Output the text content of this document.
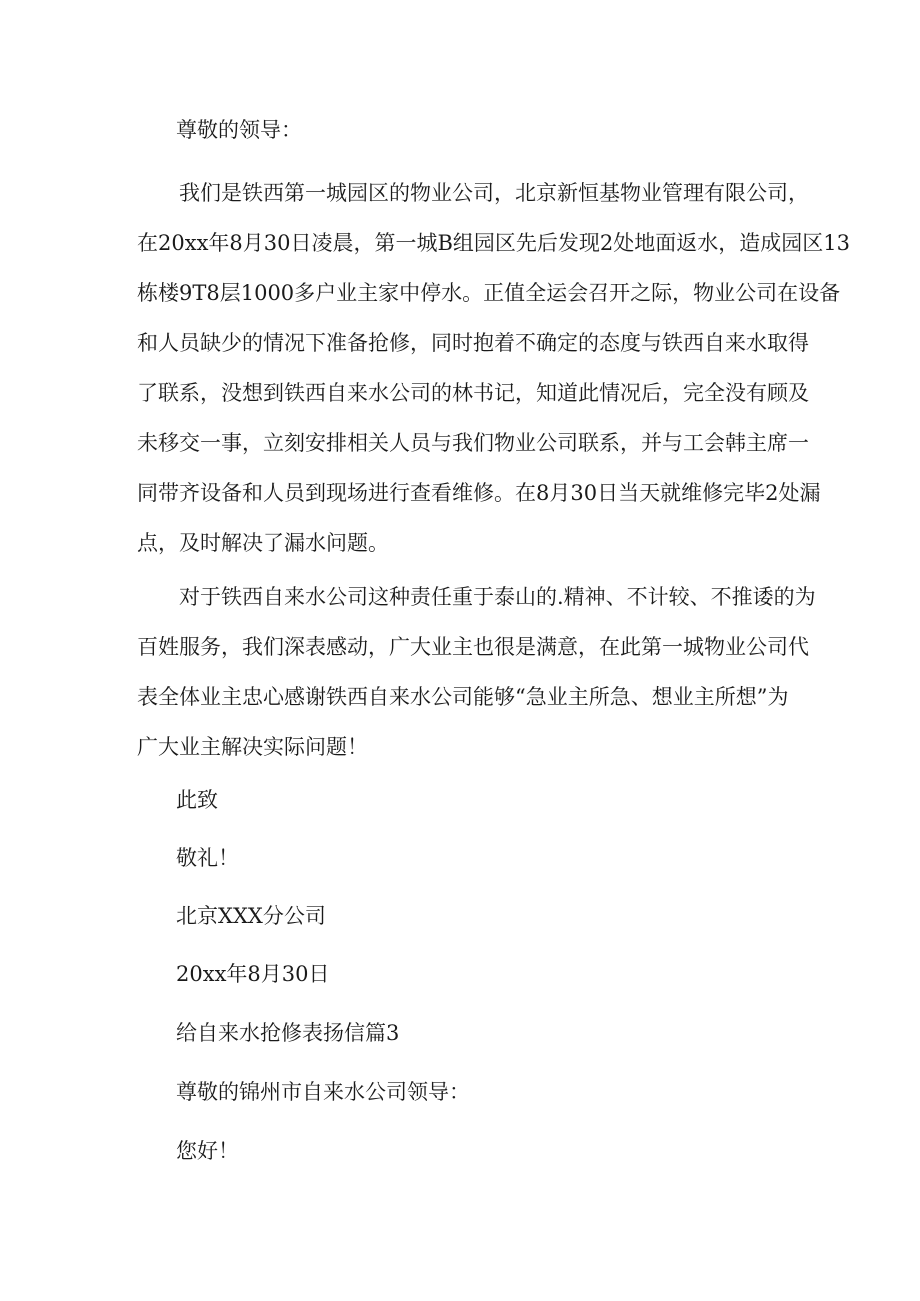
尊敬的领导：

我们是铁西第一城园区的物业公司，北京新恒基物业管理有限公司，

在20xx年8月30日凌晨，第一城B组园区先后发现2处地面返水，造成园区13

栋楼9T8层1000多户业主家中停水。正值全运会召开之际，物业公司在设备

和人员缺少的情况下准备抢修，同时抱着不确定的态度与铁西自来水取得

了联系，没想到铁西自来水公司的林书记，知道此情况后，完全没有顾及

未移交一事，立刻安排相关人员与我们物业公司联系，并与工会韩主席一

同带齐设备和人员到现场进行查看维修。在8月30日当天就维修完毕2处漏

点，及时解决了漏水问题。

对于铁西自来水公司这种责任重于泰山的.精神、不计较、不推诿的为

百姓服务，我们深表感动，广大业主也很是满意，在此第一城物业公司代

表全体业主忠心感谢铁西自来水公司能够“急业主所急、想业主所想”为

广大业主解决实际问题！

此致

敬礼！

北京XXX分公司

20xx年8月30日

给自来水抢修表扬信篇3

尊敬的锦州市自来水公司领导：

您好！
